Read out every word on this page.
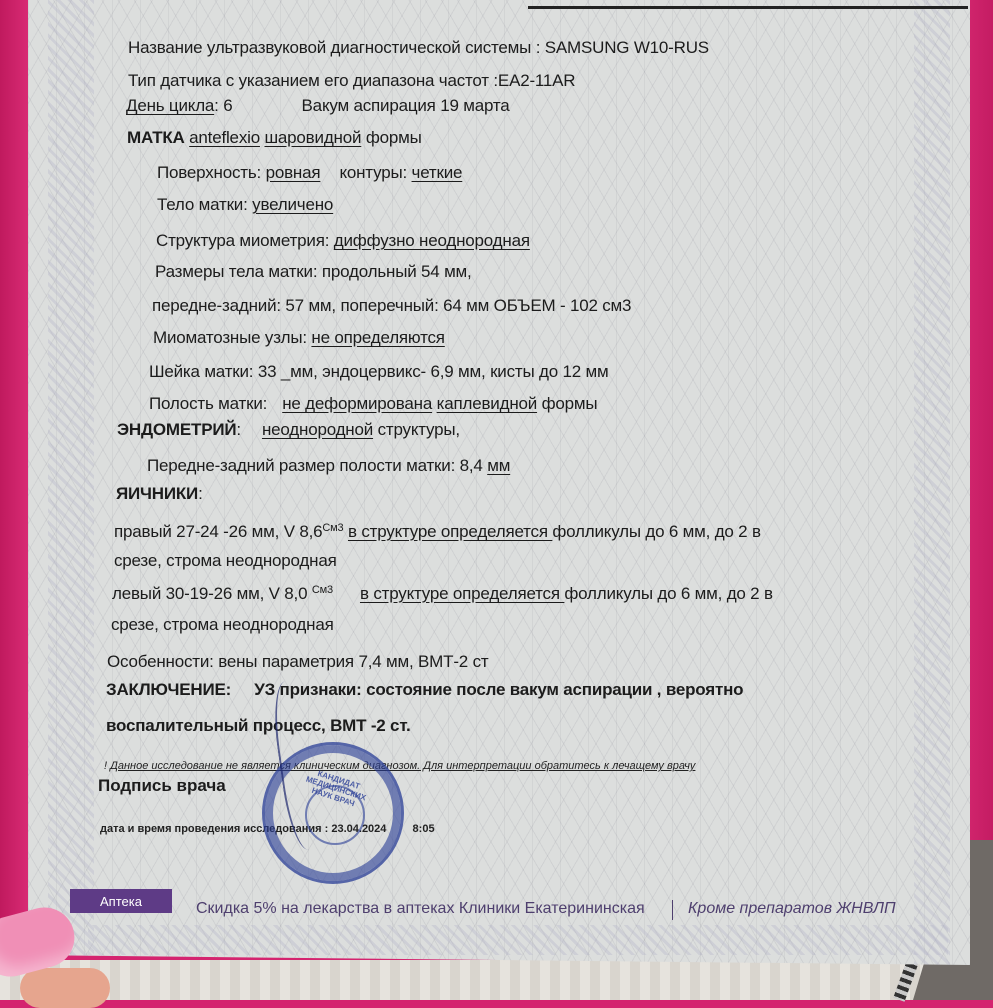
Название ультразвуковой диагностической системы : SAMSUNG W10-RUS
Тип датчика с указанием его диапазона частот :EA2-11AR
День цикла: 6	Вакум аспирация 19 марта
МАТКА anteflexio шаровидной формы
Поверхность: ровная контуры: четкие
Тело матки: увеличено
Структура миометрия: диффузно неоднородная
Размеры тела матки: продольный 54 мм,
передне-задний: 57 мм, поперечный: 64 мм ОБЪЕМ - 102 см3
Миоматозные узлы: не определяются
Шейка матки: 33 _мм, эндоцервикс- 6,9 мм, кисты до 12 мм
Полость матки: не деформирована каплевидной формы
ЭНДОМЕТРИЙ: неоднородной структуры,
Передне-задний размер полости матки: 8,4 мм
ЯИЧНИКИ:
правый 27-24 -26 мм, V $8,6^{См3}$ в структуре определяется фолликулы до 6 мм, до 2 в
срезе, строма неоднородная
левый 30-19-26 мм, V 8,0 $^{См3}$ в структуре определяется фолликулы до 6 мм, до 2 в
срезе, строма неоднородная
Особенности: вены параметрия 7,4 мм, ВМТ-2 ст
ЗАКЛЮЧЕНИЕ: УЗ признаки: состояние после вакум аспирации , вероятно
воспалительный процесс, ВМТ -2 ст.
! Данное исследование не является клиническим диагнозом. Для интерпретации обратитесь к лечащему врачу
Подпись врача
дата и время проведения исследования : 23.04.2024 8:05
КАНДИДАТ МЕДИЦИНСКИХ НАУК ВРАЧ
Аптека	Скидка 5% на лекарства в аптеках Клиники Екатерининская	Кроме препаратов ЖНВЛП
